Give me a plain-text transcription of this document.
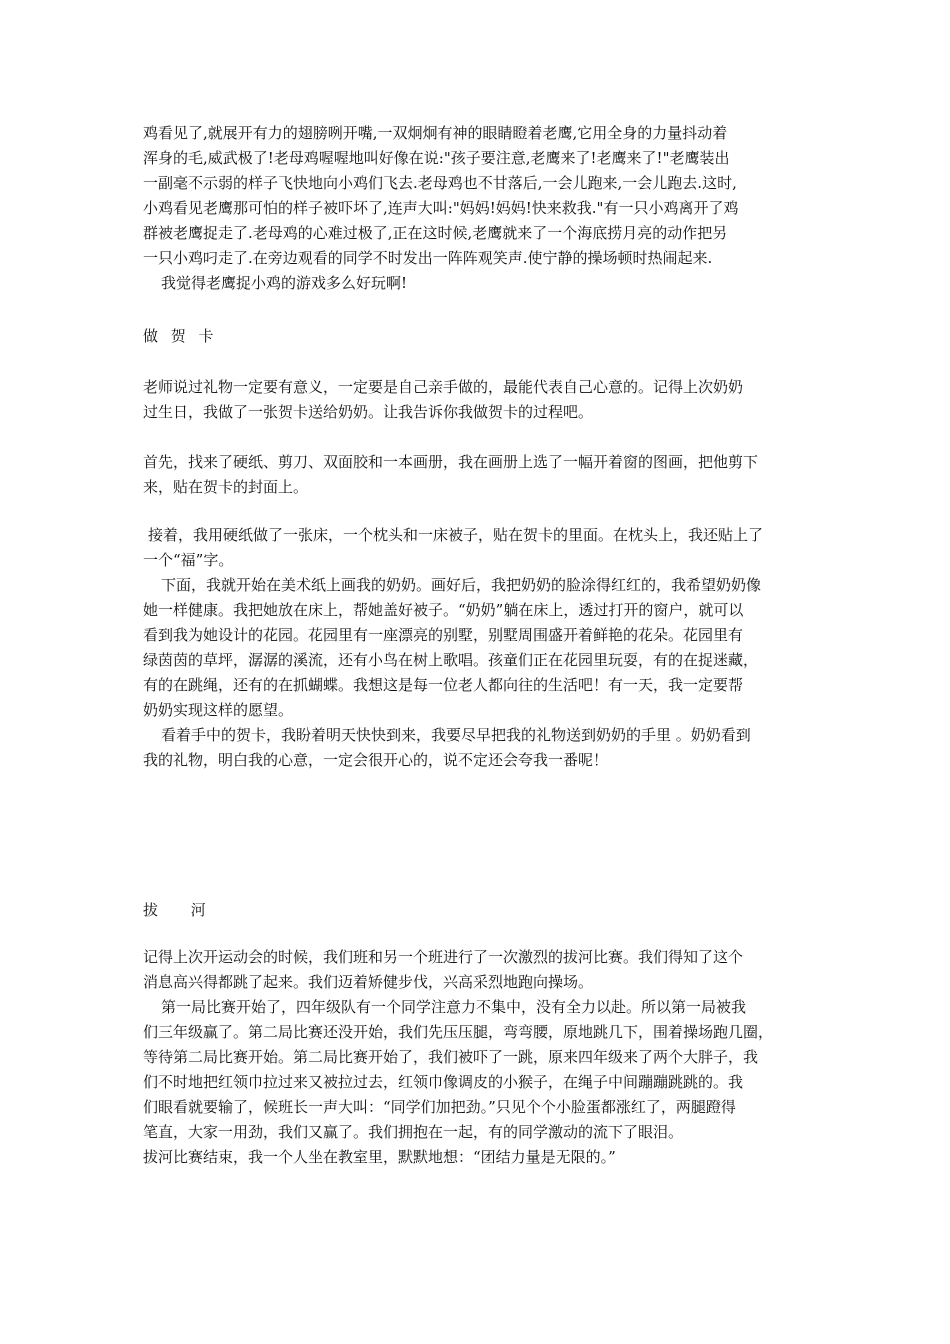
鸡看见了,就展开有力的翅膀咧开嘴,一双炯炯有神的眼睛瞪着老鹰,它用全身的力量抖动着
浑身的毛,威武极了!老母鸡喔喔地叫好像在说:"孩子要注意,老鹰来了!老鹰来了!"老鹰装出
一副毫不示弱的样子飞快地向小鸡们飞去.老母鸡也不甘落后,一会儿跑来,一会儿跑去.这时,
小鸡看见老鹰那可怕的样子被吓坏了,连声大叫:"妈妈!妈妈!快来救我."有一只小鸡离开了鸡
群被老鹰捉走了.老母鸡的心难过极了,正在这时候,老鹰就来了一个海底捞月亮的动作把另
一只小鸡叼走了.在旁边观看的同学不时发出一阵阵观笑声.使宁静的操场顿时热闹起来.
我觉得老鹰捉小鸡的游戏多么好玩啊!
做 贺 卡
老师说过礼物一定要有意义，一定要是自己亲手做的，最能代表自己心意的。记得上次奶奶
过生日，我做了一张贺卡送给奶奶。让我告诉你我做贺卡的过程吧。
首先，找来了硬纸、剪刀、双面胶和一本画册，我在画册上选了一幅开着窗的图画，把他剪下
来，贴在贺卡的封面上。
接着，我用硬纸做了一张床，一个枕头和一床被子，贴在贺卡的里面。在枕头上，我还贴上了
一个“福”字。
下面，我就开始在美术纸上画我的奶奶。画好后，我把奶奶的脸涂得红红的，我希望奶奶像
她一样健康。我把她放在床上，帮她盖好被子。“奶奶”躺在床上，透过打开的窗户，就可以
看到我为她设计的花园。花园里有一座漂亮的别墅，别墅周围盛开着鲜艳的花朵。花园里有
绿茵茵的草坪，潺潺的溪流，还有小鸟在树上歌唱。孩童们正在花园里玩耍，有的在捉迷藏，
有的在跳绳，还有的在抓蝴蝶。我想这是每一位老人都向往的生活吧！有一天，我一定要帮
奶奶实现这样的愿望。
看着手中的贺卡，我盼着明天快快到来，我要尽早把我的礼物送到奶奶的手里 。奶奶看到
我的礼物，明白我的心意，一定会很开心的，说不定还会夸我一番呢！
拔 河
记得上次开运动会的时候，我们班和另一个班进行了一次激烈的拔河比赛。我们得知了这个
消息高兴得都跳了起来。我们迈着矫健步伐，兴高采烈地跑向操场。
第一局比赛开始了，四年级队有一个同学注意力不集中，没有全力以赴。所以第一局被我
们三年级赢了。第二局比赛还没开始，我们先压压腿，弯弯腰，原地跳几下，围着操场跑几圈，
等待第二局比赛开始。第二局比赛开始了，我们被吓了一跳，原来四年级来了两个大胖子，我
们不时地把红领巾拉过来又被拉过去，红领巾像调皮的小猴子，在绳子中间蹦蹦跳跳的。我
们眼看就要输了，候班长一声大叫：“同学们加把劲。”只见个个小脸蛋都涨红了，两腿蹬得
笔直，大家一用劲，我们又赢了。我们拥抱在一起，有的同学激动的流下了眼泪。
拔河比赛结束，我一个人坐在教室里，默默地想：“团结力量是无限的。”
